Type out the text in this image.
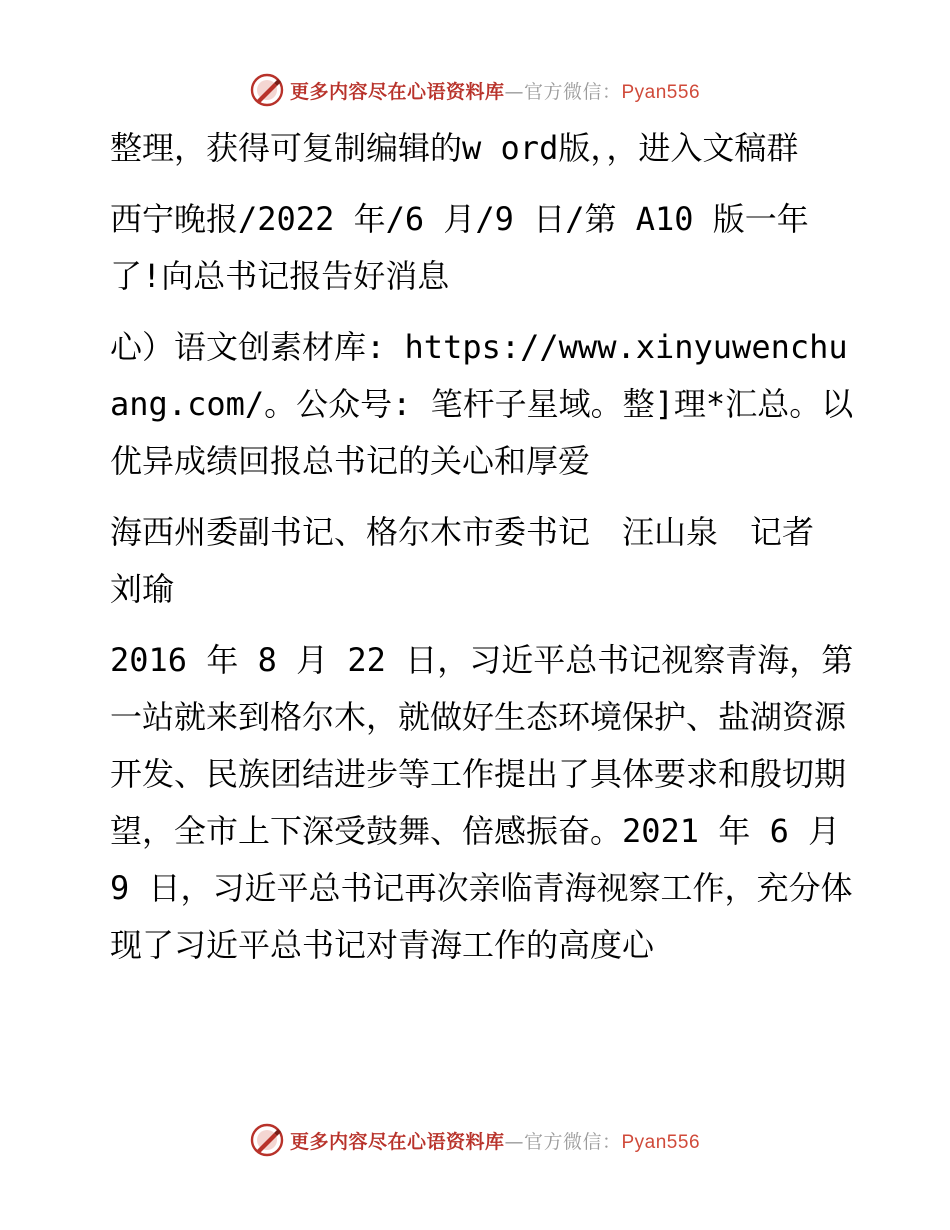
更多内容尽在心语资料库—官方微信：Pyan556

整理，获得可复制编辑的w ord版，，进入文稿群

西宁晚报/2022 年/6 月/9 日/第 A10 版一年了!向总书记报告好消息

心）语文创素材库: https://www.xinyuwenchuang.com/。公众号: 笔杆子星域。整]理*汇总。以优异成绩回报总书记的关心和厚爱

海西州委副书记、格尔木市委书记　汪山泉　记者　刘瑜

2016 年 8 月 22 日，习近平总书记视察青海，第一站就来到格尔木，就做好生态环境保护、盐湖资源开发、民族团结进步等工作提出了具体要求和殷切期望，全市上下深受鼓舞、倍感振奋。2021 年 6 月 9 日，习近平总书记再次亲临青海视察工作，充分体现了习近平总书记对青海工作的高度心

更多内容尽在心语资料库—官方微信：Pyan556
